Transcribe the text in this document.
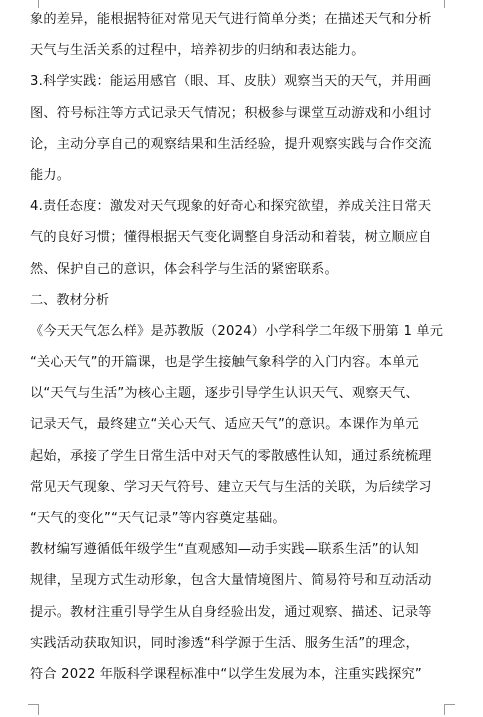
象的差异，能根据特征对常见天气进行简单分类；在描述天气和分析
天气与生活关系的过程中，培养初步的归纳和表达能力。
3.科学实践：能运用感官（眼、耳、皮肤）观察当天的天气，并用画
图、符号标注等方式记录天气情况；积极参与课堂互动游戏和小组讨
论，主动分享自己的观察结果和生活经验，提升观察实践与合作交流
能力。
4.责任态度：激发对天气现象的好奇心和探究欲望，养成关注日常天
气的良好习惯；懂得根据天气变化调整自身活动和着装，树立顺应自
然、保护自己的意识，体会科学与生活的紧密联系。
二、教材分析
《今天天气怎么样》是苏教版（2024）小学科学二年级下册第 1 单元
“关心天气”的开篇课，也是学生接触气象科学的入门内容。本单元
以“天气与生活”为核心主题，逐步引导学生认识天气、观察天气、
记录天气，最终建立“关心天气、适应天气”的意识。本课作为单元
起始，承接了学生日常生活中对天气的零散感性认知，通过系统梳理
常见天气现象、学习天气符号、建立天气与生活的关联，为后续学习
“天气的变化”“天气记录”等内容奠定基础。
教材编写遵循低年级学生“直观感知—动手实践—联系生活”的认知
规律，呈现方式生动形象，包含大量情境图片、简易符号和互动活动
提示。教材注重引导学生从自身经验出发，通过观察、描述、记录等
实践活动获取知识，同时渗透“科学源于生活、服务生活”的理念，
符合 2022 年版科学课程标准中“以学生发展为本，注重实践探究”
